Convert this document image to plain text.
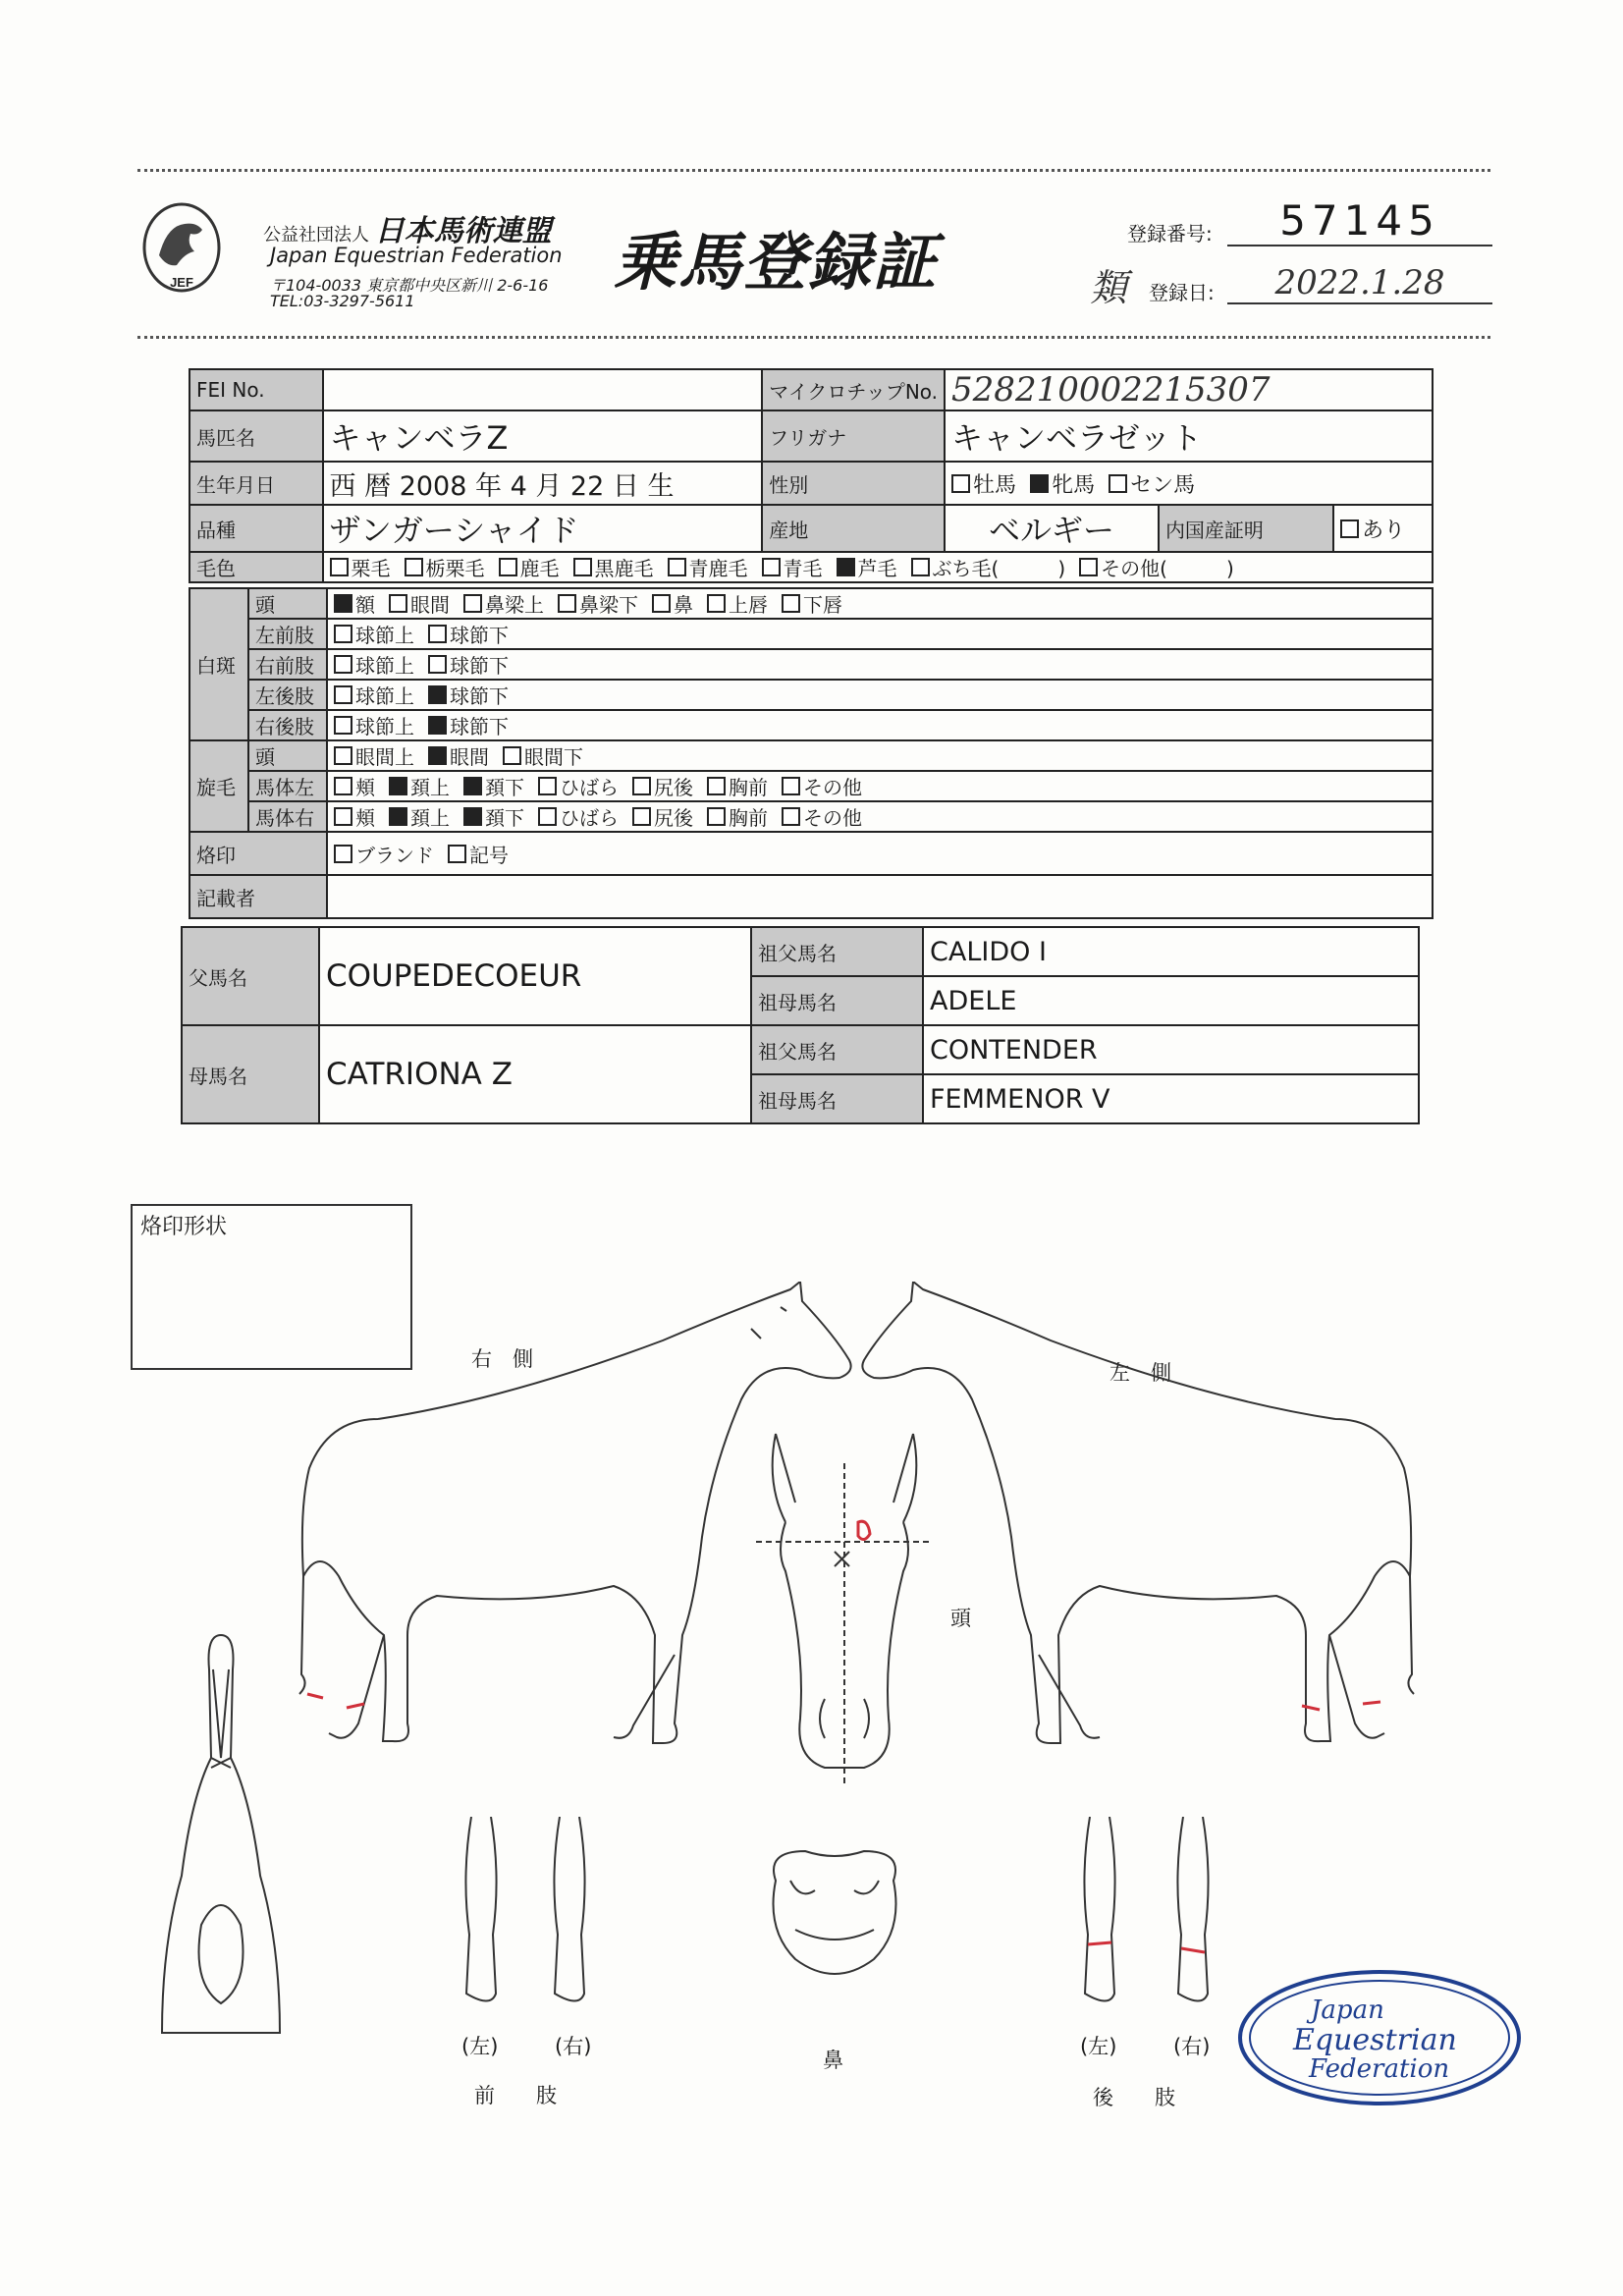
JEF
公益社団法人 日本馬術連盟
Japan Equestrian Federation
〒104-0033 東京都中央区新川 2-6-16
TEL:03-3297-5611
乗馬登録証	登録番号:	57145
類 登録日:	2022.1.28
FEI No.		マイクロチップNo.	528210002215307		
馬匹名	キャンベラZ	フリガナ	キャンベラゼット		
生年月日	西 暦 2008 年 4 月 22 日 生	性別	牡馬 牝馬 セン馬		
品種	ザンガーシャイド	産地	ベルギー	内国産証明	あり
毛色	栗毛 栃栗毛 鹿毛 黒鹿毛 青鹿毛 青毛 芦毛 ぶち毛(　　　) その他(　　　)				
白斑	頭	額 眼間 鼻梁上 鼻梁下 鼻 上唇 下唇
	左前肢	球節上 球節下
	右前肢	球節上 球節下
	左後肢	球節上 球節下
	右後肢	球節上 球節下
旋毛	頭	眼間上 眼間 眼間下
	馬体左	頬 頚上 頚下 ひばら 尻後 胸前 その他
	馬体右	頬 頚上 頚下 ひばら 尻後 胸前 その他
烙印		ブランド 記号
記載者		
父馬名	COUPEDECOEUR	祖父馬名	CALIDO I
		祖母馬名	ADELE
母馬名	CATRIONA Z	祖父馬名	CONTENDER
		祖母馬名	FEMMENOR V
烙印形状
右　側
左　側
頭
鼻
(左)	(右)
前　　肢
(左)	(右)
後　　肢
Japan
Equestrian
Federation
